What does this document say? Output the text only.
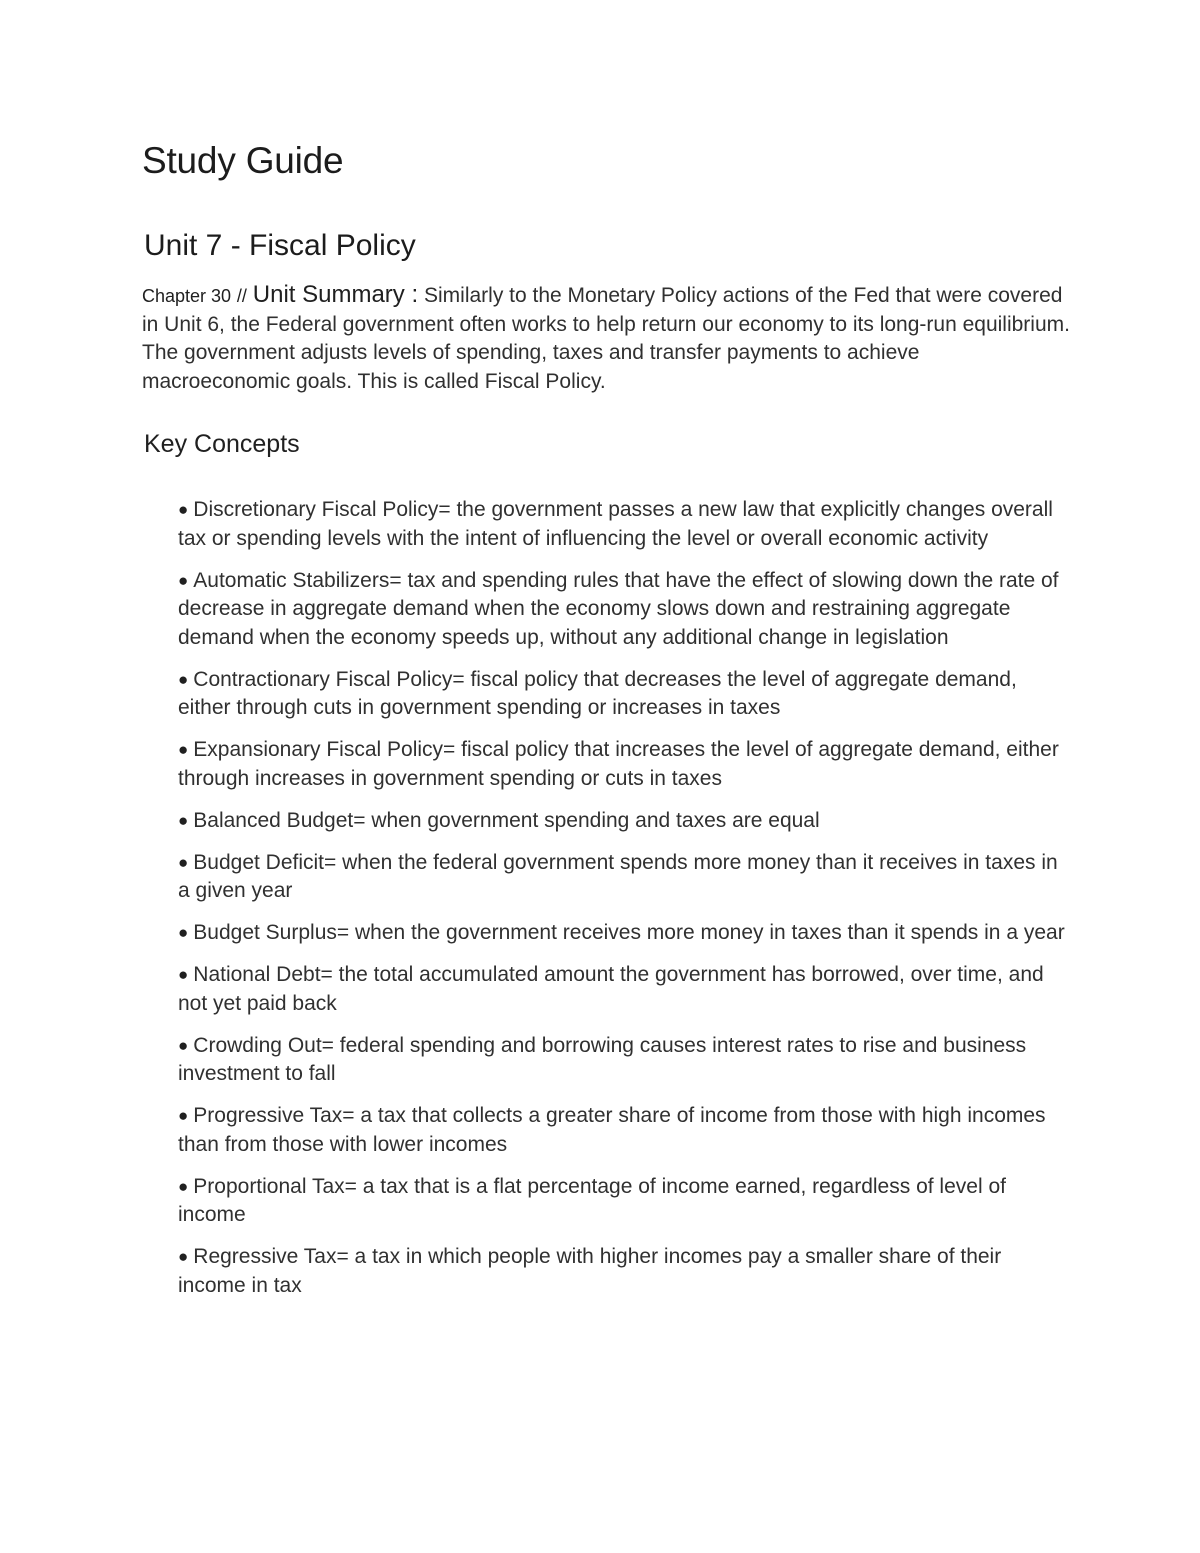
Study Guide
Unit 7 - Fiscal Policy

Chapter 30 // Unit Summary : Similarly to the Monetary Policy actions of the Fed that were covered in Unit 6, the Federal government often works to help return our economy to its long-run equilibrium. The government adjusts levels of spending, taxes and transfer payments to achieve macroeconomic goals. This is called Fiscal Policy.

Key Concepts
● Discretionary Fiscal Policy= the government passes a new law that explicitly changes overall tax or spending levels with the intent of influencing the level or overall economic activity
● Automatic Stabilizers= tax and spending rules that have the effect of slowing down the rate of decrease in aggregate demand when the economy slows down and restraining aggregate demand when the economy speeds up, without any additional change in legislation
● Contractionary Fiscal Policy= fiscal policy that decreases the level of aggregate demand, either through cuts in government spending or increases in taxes
● Expansionary Fiscal Policy= fiscal policy that increases the level of aggregate demand, either through increases in government spending or cuts in taxes
● Balanced Budget= when government spending and taxes are equal
● Budget Deficit= when the federal government spends more money than it receives in taxes in a given year
● Budget Surplus= when the government receives more money in taxes than it spends in a year
● National Debt= the total accumulated amount the government has borrowed, over time, and not yet paid back
● Crowding Out= federal spending and borrowing causes interest rates to rise and business investment to fall
● Progressive Tax= a tax that collects a greater share of income from those with high incomes than from those with lower incomes
● Proportional Tax= a tax that is a flat percentage of income earned, regardless of level of income
● Regressive Tax= a tax in which people with higher incomes pay a smaller share of their income in tax
